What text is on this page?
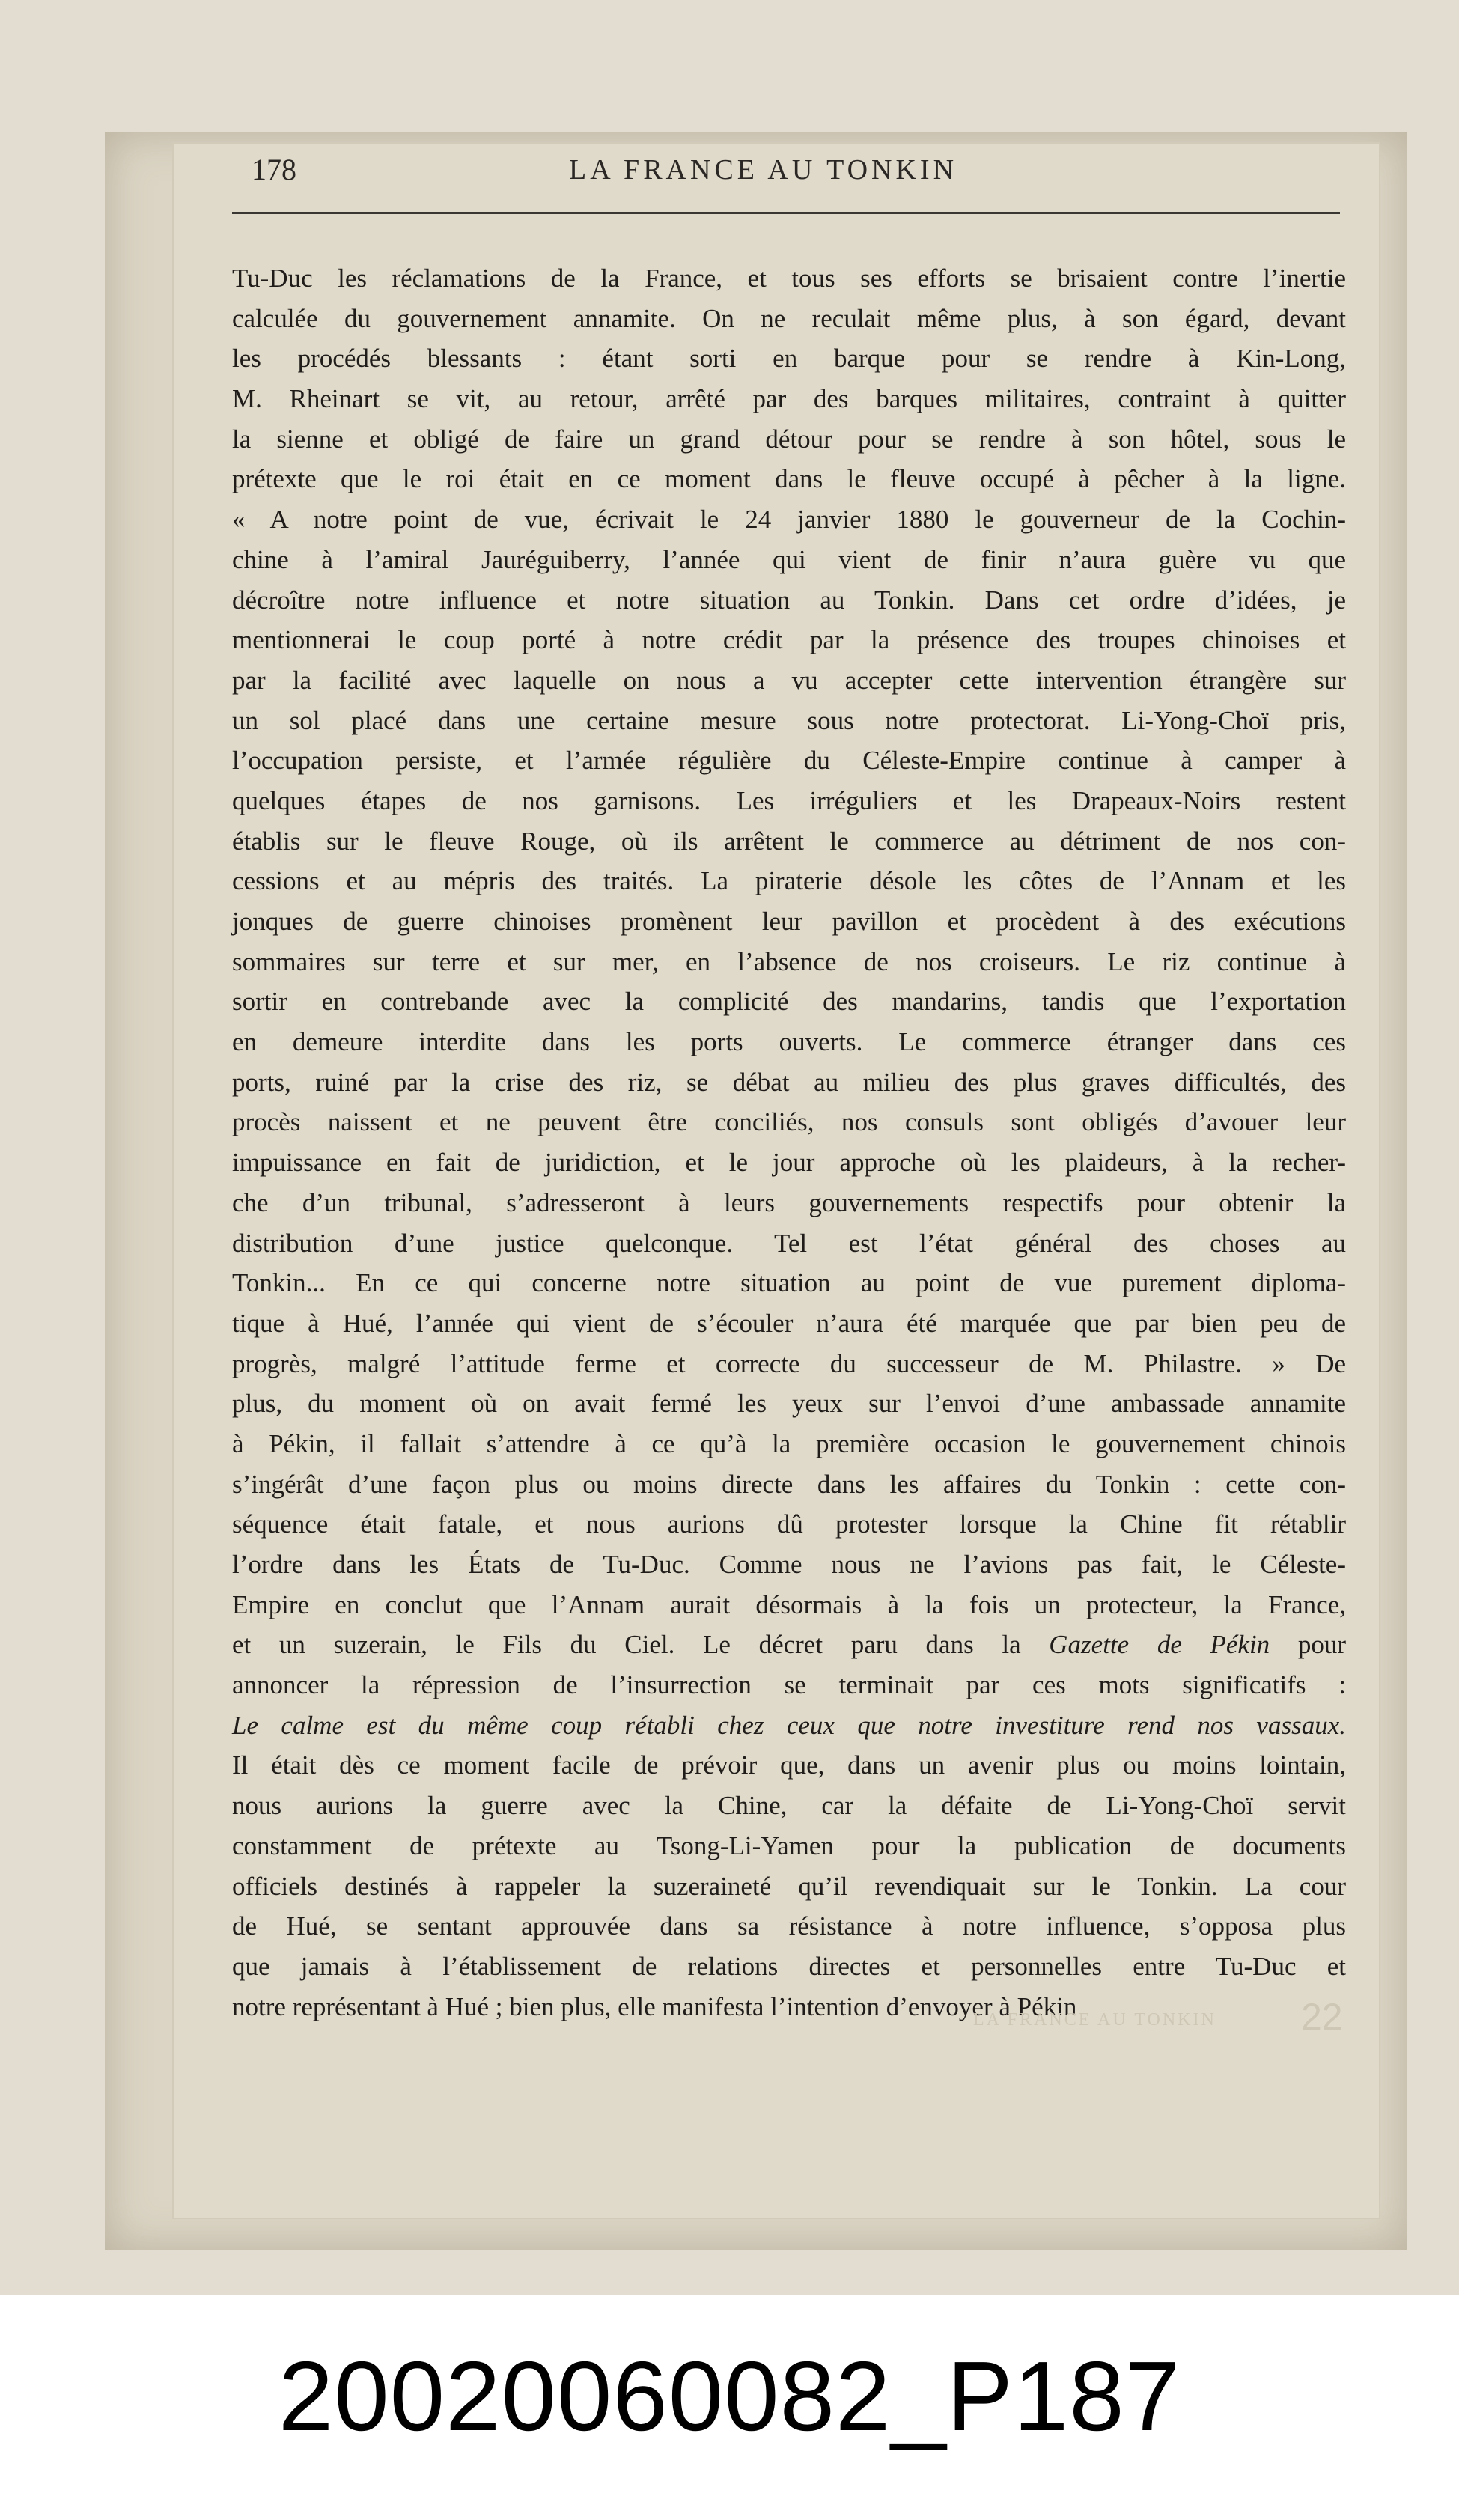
178	LA FRANCE AU TONKIN
Tu-Duc les réclamations de la France, et tous ses efforts se brisaient contre l’inertie
calculée du gouvernement annamite. On ne reculait même plus, à son égard, devant
les procédés blessants : étant sorti en barque pour se rendre à Kin-Long,
M. Rheinart se vit, au retour, arrêté par des barques militaires, contraint à quitter
la sienne et obligé de faire un grand détour pour se rendre à son hôtel, sous le
prétexte que le roi était en ce moment dans le fleuve occupé à pêcher à la ligne.
« A notre point de vue, écrivait le 24 janvier 1880 le gouverneur de la Cochin-
chine à l’amiral Jauréguiberry, l’année qui vient de finir n’aura guère vu que
décroître notre influence et notre situation au Tonkin. Dans cet ordre d’idées, je
mentionnerai le coup porté à notre crédit par la présence des troupes chinoises et
par la facilité avec laquelle on nous a vu accepter cette intervention étrangère sur
un sol placé dans une certaine mesure sous notre protectorat. Li-Yong-Choï pris,
l’occupation persiste, et l’armée régulière du Céleste-Empire continue à camper à
quelques étapes de nos garnisons. Les irréguliers et les Drapeaux-Noirs restent
établis sur le fleuve Rouge, où ils arrêtent le commerce au détriment de nos con-
cessions et au mépris des traités. La piraterie désole les côtes de l’Annam et les
jonques de guerre chinoises promènent leur pavillon et procèdent à des exécutions
sommaires sur terre et sur mer, en l’absence de nos croiseurs. Le riz continue à
sortir en contrebande avec la complicité des mandarins, tandis que l’exportation
en demeure interdite dans les ports ouverts. Le commerce étranger dans ces
ports, ruiné par la crise des riz, se débat au milieu des plus graves difficultés, des
procès naissent et ne peuvent être conciliés, nos consuls sont obligés d’avouer leur
impuissance en fait de juridiction, et le jour approche où les plaideurs, à la recher-
che d’un tribunal, s’adresseront à leurs gouvernements respectifs pour obtenir la
distribution d’une justice quelconque. Tel est l’état général des choses au
Tonkin... En ce qui concerne notre situation au point de vue purement diploma-
tique à Hué, l’année qui vient de s’écouler n’aura été marquée que par bien peu de
progrès, malgré l’attitude ferme et correcte du successeur de M. Philastre. » De
plus, du moment où on avait fermé les yeux sur l’envoi d’une ambassade annamite
à Pékin, il fallait s’attendre à ce qu’à la première occasion le gouvernement chinois
s’ingérât d’une façon plus ou moins directe dans les affaires du Tonkin : cette con-
séquence était fatale, et nous aurions dû protester lorsque la Chine fit rétablir
l’ordre dans les États de Tu-Duc. Comme nous ne l’avions pas fait, le Céleste-
Empire en conclut que l’Annam aurait désormais à la fois un protecteur, la France,
et un suzerain, le Fils du Ciel. Le décret paru dans la Gazette de Pékin pour
annoncer la répression de l’insurrection se terminait par ces mots significatifs :
Le calme est du même coup rétabli chez ceux que notre investiture rend nos vassaux.
Il était dès ce moment facile de prévoir que, dans un avenir plus ou moins lointain,
nous aurions la guerre avec la Chine, car la défaite de Li-Yong-Choï servit
constamment de prétexte au Tsong-Li-Yamen pour la publication de documents
officiels destinés à rappeler la suzeraineté qu’il revendiquait sur le Tonkin. La cour
de Hué, se sentant approuvée dans sa résistance à notre influence, s’opposa plus
que jamais à l’établissement de relations directes et personnelles entre Tu-Duc et
notre représentant à Hué ; bien plus, elle manifesta l’intention d’envoyer à Pékin
LA FRANCE AU TONKIN 22
20020060082_P187
